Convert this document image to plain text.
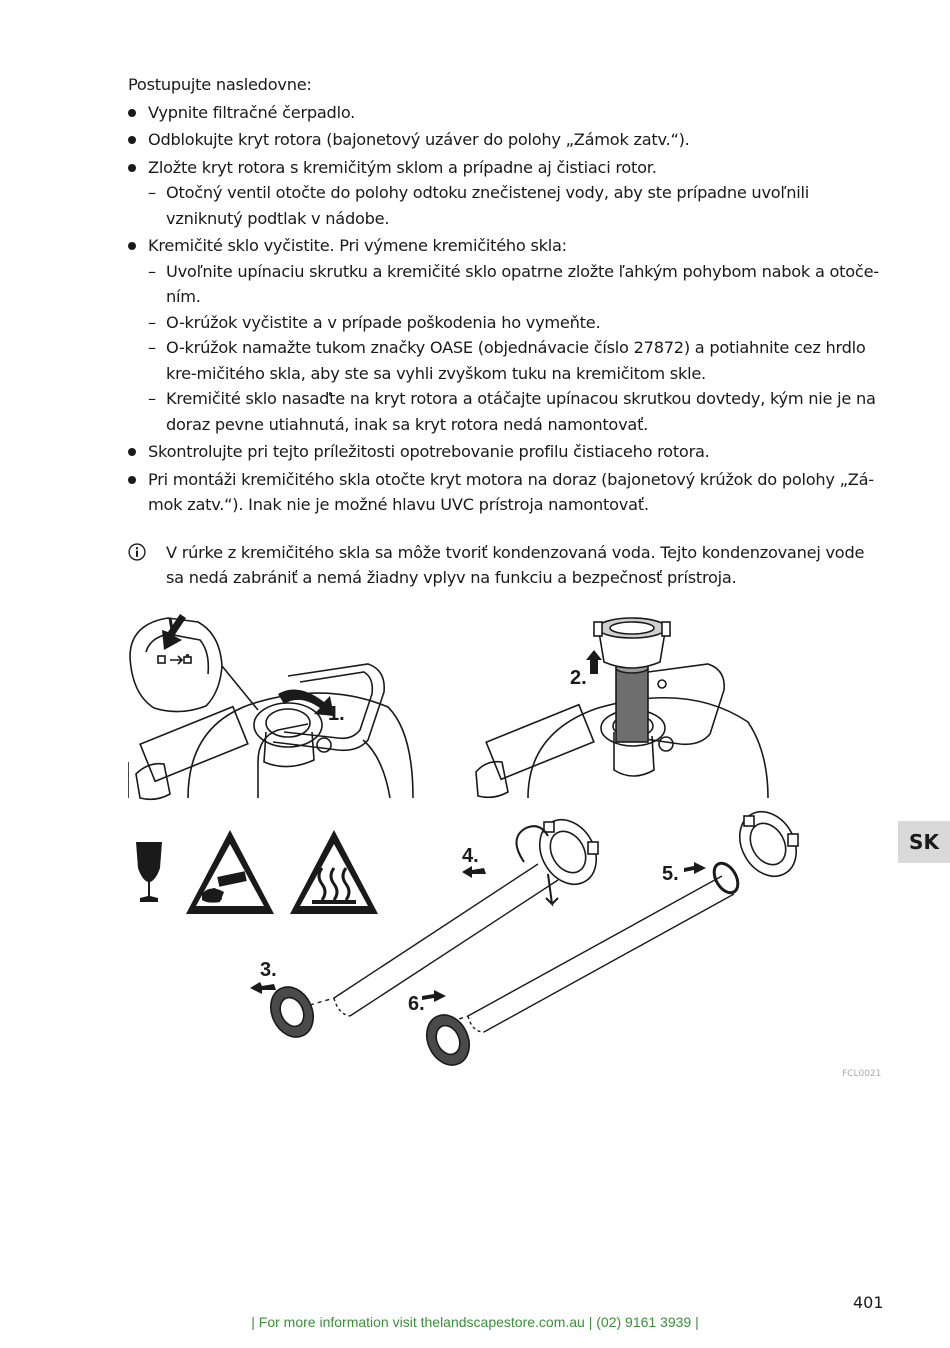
Postupujte nasledovne:

Vypnite filtračné čerpadlo.
Odblokujte kryt rotora (bajonetový uzáver do polohy „Zámok zatv.“).
Zložte kryt rotora s kremičitým sklom a prípadne aj čistiaci rotor.
– Otočný ventil otočte do polohy odtoku znečistenej vody, aby ste prípadne uvoľnili vzniknutý podtlak v nádobe.
Kremičité sklo vyčistite. Pri výmene kremičitého skla:
– Uvoľnite upínaciu skrutku a kremičité sklo opatrne zložte ľahkým pohybom nabok a otoče-ním.
– O-krúžok vyčistite a v prípade poškodenia ho vymeňte.
– O-krúžok namažte tukom značky OASE (objednávacie číslo 27872) a potiahnite cez hrdlo kre-mičitého skla, aby ste sa vyhli zvyškom tuku na kremičitom skle.
– Kremičité sklo nasaďte na kryt rotora a otáčajte upínacou skrutkou dovtedy, kým nie je na doraz pevne utiahnutá, inak sa kryt rotora nedá namontovať.
Skontrolujte pri tejto príležitosti opotrebovanie profilu čistiaceho rotora.
Pri montáži kremičitého skla otočte kryt motora na doraz (bajonetový krúžok do polohy „Zá-mok zatv.“). Inak nie je možné hlavu UVC prístroja namontovať.
V rúrke z kremičitého skla sa môže tvoriť kondenzovaná voda. Tejto kondenzovanej vode sa nedá zabrániť a nemá žiadny vplyv na funkciu a bezpečnosť prístroja.
1.
2.
3.
4.
5.
6.
FCL0021
SK
401
| For more information visit thelandscapestore.com.au | (02) 9161 3939 |
